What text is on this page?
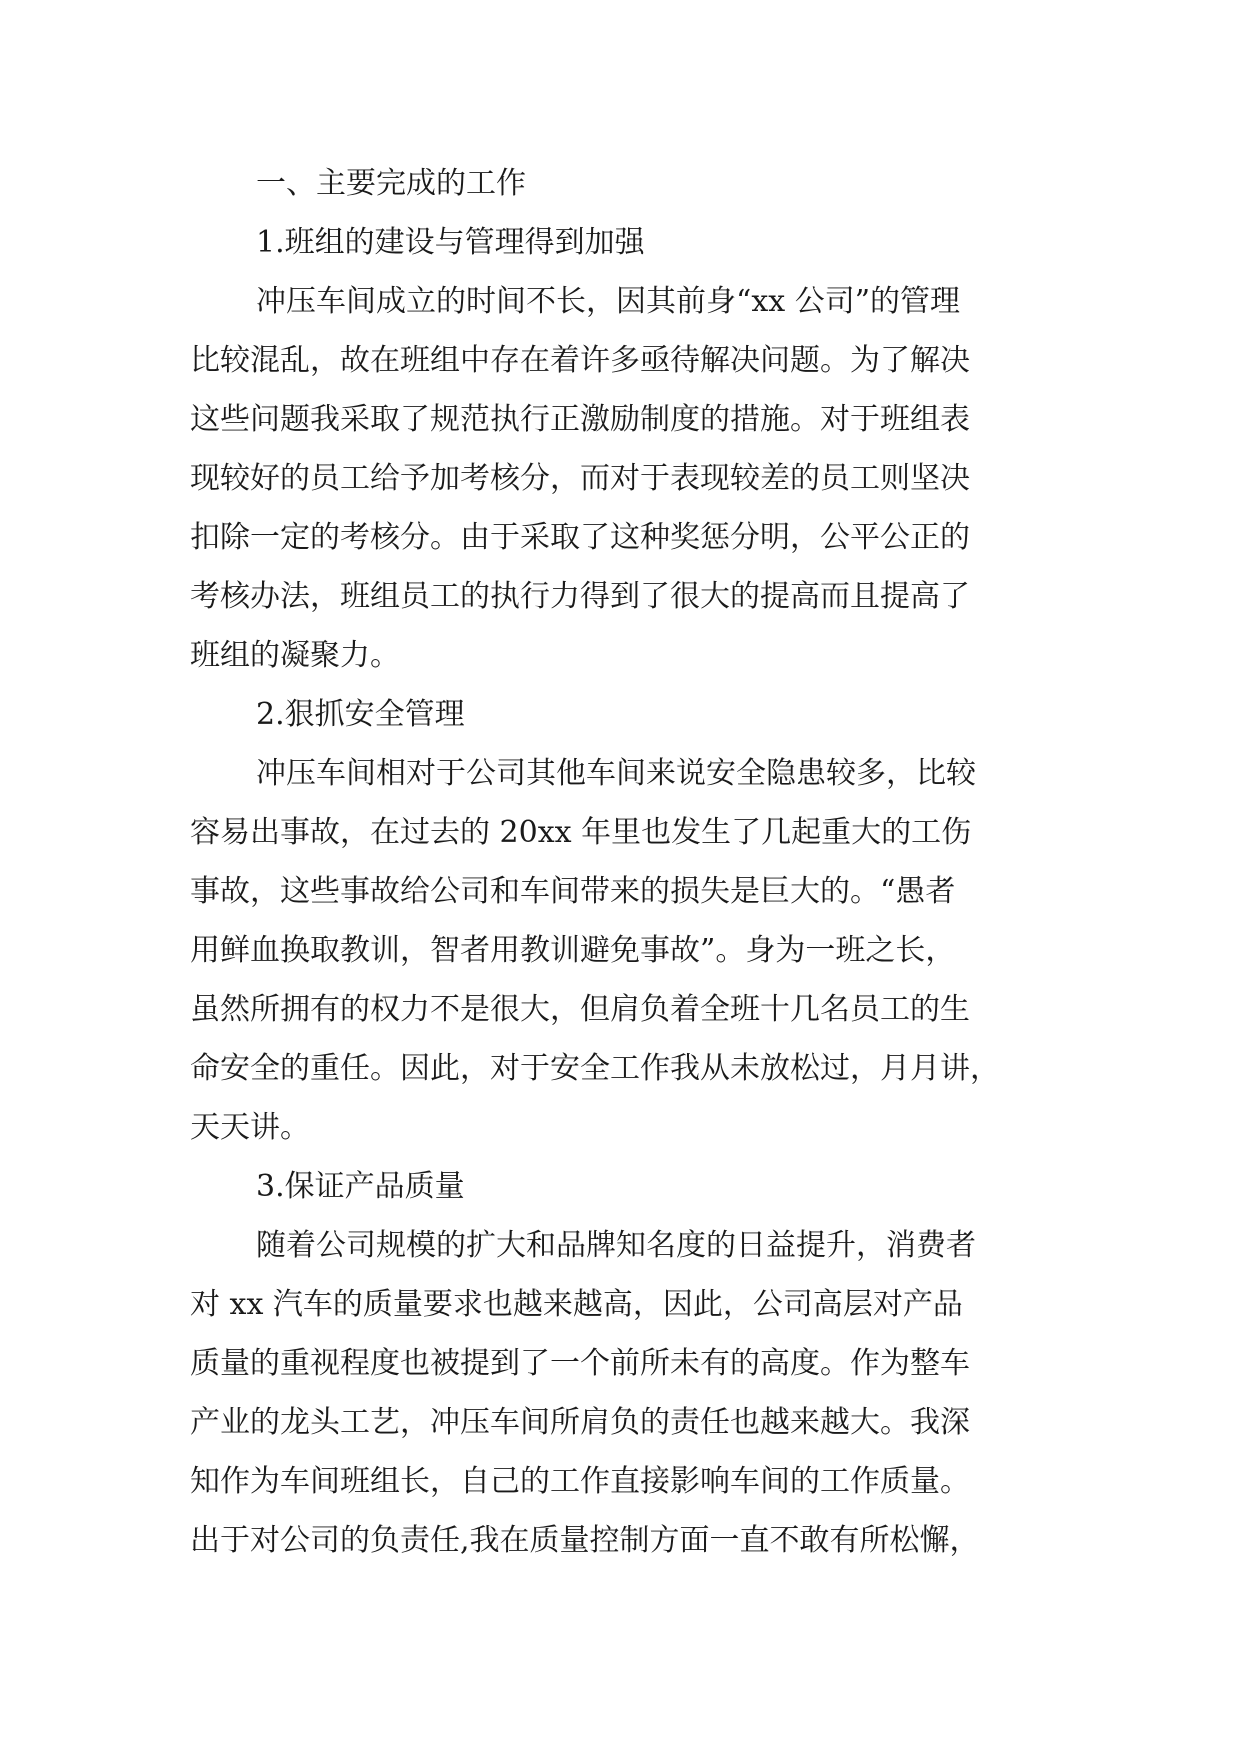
一、主要完成的工作
1.班组的建设与管理得到加强
冲压车间成立的时间不长，因其前身“xx 公司”的管理
比较混乱，故在班组中存在着许多亟待解决问题。为了解决
这些问题我采取了规范执行正激励制度的措施。对于班组表
现较好的员工给予加考核分，而对于表现较差的员工则坚决
扣除一定的考核分。由于采取了这种奖惩分明，公平公正的
考核办法，班组员工的执行力得到了很大的提高而且提高了
班组的凝聚力。
2.狠抓安全管理
冲压车间相对于公司其他车间来说安全隐患较多，比较
容易出事故，在过去的 20xx 年里也发生了几起重大的工伤
事故，这些事故给公司和车间带来的损失是巨大的。“愚者
用鲜血换取教训，智者用教训避免事故”。身为一班之长，
虽然所拥有的权力不是很大，但肩负着全班十几名员工的生
命安全的重任。因此，对于安全工作我从未放松过，月月讲，
天天讲。
3.保证产品质量
随着公司规模的扩大和品牌知名度的日益提升，消费者
对 xx 汽车的质量要求也越来越高，因此，公司高层对产品
质量的重视程度也被提到了一个前所未有的高度。作为整车
产业的龙头工艺，冲压车间所肩负的责任也越来越大。我深
知作为车间班组长，自己的工作直接影响车间的工作质量。
出于对公司的负责任,我在质量控制方面一直不敢有所松懈，
